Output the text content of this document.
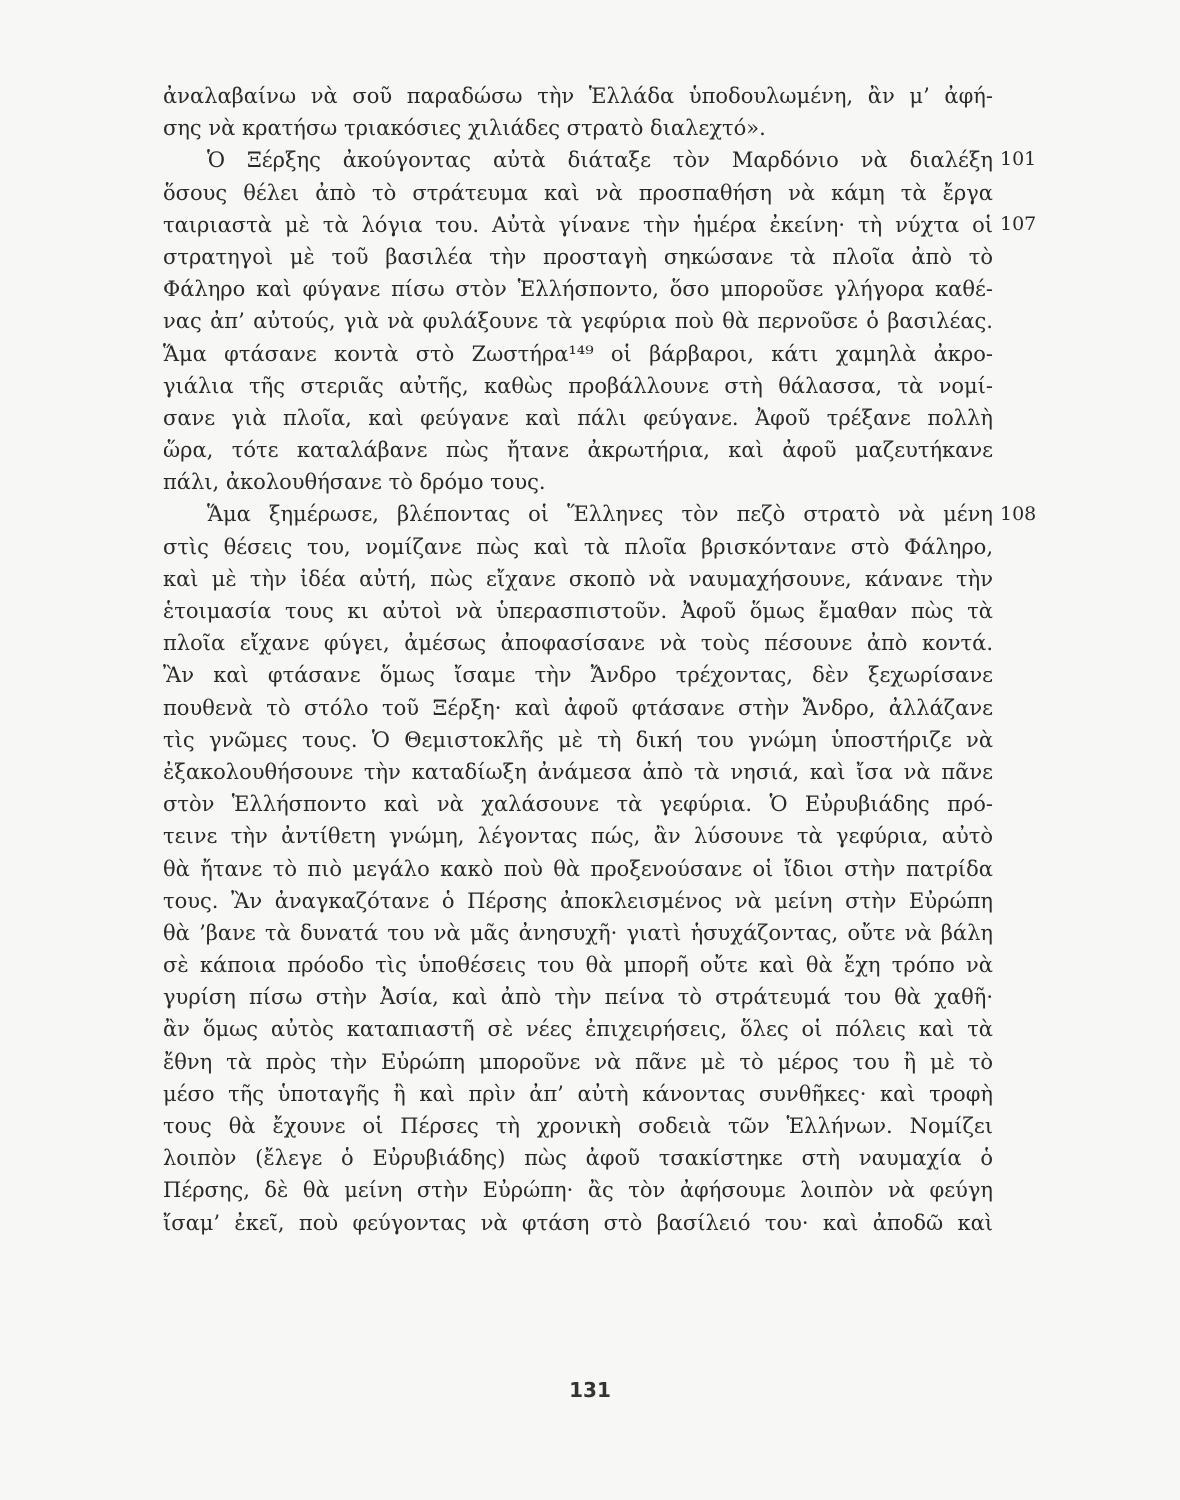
ἀναλαβαίνω νὰ σοῦ παραδώσω τὴν Ἑλλάδα ὑποδουλωμένη, ἂν μ’ ἀφή-
σης νὰ κρατήσω τριακόσιες χιλιάδες στρατὸ διαλεχτό».
Ὁ Ξέρξης ἀκούγοντας αὐτὰ διάταξε τὸν Μαρδόνιο νὰ διαλέξη
ὅσους θέλει ἀπὸ τὸ στράτευμα καὶ νὰ προσπαθήση νὰ κάμη τὰ ἔργα
ταιριαστὰ μὲ τὰ λόγια του. Αὐτὰ γίνανε τὴν ἡμέρα ἐκείνη· τὴ νύχτα οἱ
στρατηγοὶ μὲ τοῦ βασιλέα τὴν προσταγὴ σηκώσανε τὰ πλοῖα ἀπὸ τὸ
Φάληρο καὶ φύγανε πίσω στὸν Ἑλλήσποντο, ὅσο μποροῦσε γλήγορα καθέ-
νας ἀπ’ αὐτούς, γιὰ νὰ φυλάξουνε τὰ γεφύρια ποὺ θὰ περνοῦσε ὁ βασιλέας.
Ἅμα φτάσανε κοντὰ στὸ Ζωστήρα¹⁴⁹ οἱ βάρβαροι, κάτι χαμηλὰ ἀκρο-
γιάλια τῆς στεριᾶς αὐτῆς, καθὼς προβάλλουνε στὴ θάλασσα, τὰ νομί-
σανε γιὰ πλοῖα, καὶ φεύγανε καὶ πάλι φεύγανε. Ἀφοῦ τρέξανε πολλὴ
ὥρα, τότε καταλάβανε πὼς ἤτανε ἀκρωτήρια, καὶ ἀφοῦ μαζευτήκανε
πάλι, ἀκολουθήσανε τὸ δρόμο τους.
Ἅμα ξημέρωσε, βλέποντας οἱ Ἕλληνες τὸν πεζὸ στρατὸ νὰ μένη
στὶς θέσεις του, νομίζανε πὼς καὶ τὰ πλοῖα βρισκόντανε στὸ Φάληρο,
καὶ μὲ τὴν ἰδέα αὐτή, πὼς εἴχανε σκοπὸ νὰ ναυμαχήσουνε, κάνανε τὴν
ἑτοιμασία τους κι αὐτοὶ νὰ ὑπερασπιστοῦν. Ἀφοῦ ὅμως ἔμαθαν πὼς τὰ
πλοῖα εἴχανε φύγει, ἀμέσως ἀποφασίσανε νὰ τοὺς πέσουνε ἀπὸ κοντά.
Ἂν καὶ φτάσανε ὅμως ἴσαμε τὴν Ἄνδρο τρέχοντας, δὲν ξεχωρίσανε
πουθενὰ τὸ στόλο τοῦ Ξέρξη· καὶ ἀφοῦ φτάσανε στὴν Ἄνδρο, ἀλλάζανε
τὶς γνῶμες τους. Ὁ Θεμιστοκλῆς μὲ τὴ δική του γνώμη ὑποστήριζε νὰ
ἐξακολουθήσουνε τὴν καταδίωξη ἀνάμεσα ἀπὸ τὰ νησιά, καὶ ἴσα νὰ πᾶνε
στὸν Ἑλλήσποντο καὶ νὰ χαλάσουνε τὰ γεφύρια. Ὁ Εὐρυβιάδης πρό-
τεινε τὴν ἀντίθετη γνώμη, λέγοντας πώς, ἂν λύσουνε τὰ γεφύρια, αὐτὸ
θὰ ἤτανε τὸ πιὸ μεγάλο κακὸ ποὺ θὰ προξενούσανε οἱ ἴδιοι στὴν πατρίδα
τους. Ἂν ἀναγκαζότανε ὁ Πέρσης ἀποκλεισμένος νὰ μείνη στὴν Εὐρώπη
θὰ ’βανε τὰ δυνατά του νὰ μᾶς ἀνησυχῆ· γιατὶ ἡσυχάζοντας, οὔτε νὰ βάλη
σὲ κάποια πρόοδο τὶς ὑποθέσεις του θὰ μπορῆ οὔτε καὶ θὰ ἔχη τρόπο νὰ
γυρίση πίσω στὴν Ἀσία, καὶ ἀπὸ τὴν πείνα τὸ στράτευμά του θὰ χαθῆ·
ἂν ὅμως αὐτὸς καταπιαστῆ σὲ νέες ἐπιχειρήσεις, ὅλες οἱ πόλεις καὶ τὰ
ἔθνη τὰ πρὸς τὴν Εὐρώπη μποροῦνε νὰ πᾶνε μὲ τὸ μέρος του ἢ μὲ τὸ
μέσο τῆς ὑποταγῆς ἢ καὶ πρὶν ἀπ’ αὐτὴ κάνοντας συνθῆκες· καὶ τροφὴ
τους θὰ ἔχουνε οἱ Πέρσες τὴ χρονικὴ σοδειὰ τῶν Ἑλλήνων. Νομίζει
λοιπὸν (ἔλεγε ὁ Εὐρυβιάδης) πὼς ἀφοῦ τσακίστηκε στὴ ναυμαχία ὁ
Πέρσης, δὲ θὰ μείνη στὴν Εὐρώπη· ἂς τὸν ἀφήσουμε λοιπὸν νὰ φεύγη
ἴσαμ’ ἐκεῖ, ποὺ φεύγοντας νὰ φτάση στὸ βασίλειό του· καὶ ἀποδῶ καὶ
101
107
108
131
